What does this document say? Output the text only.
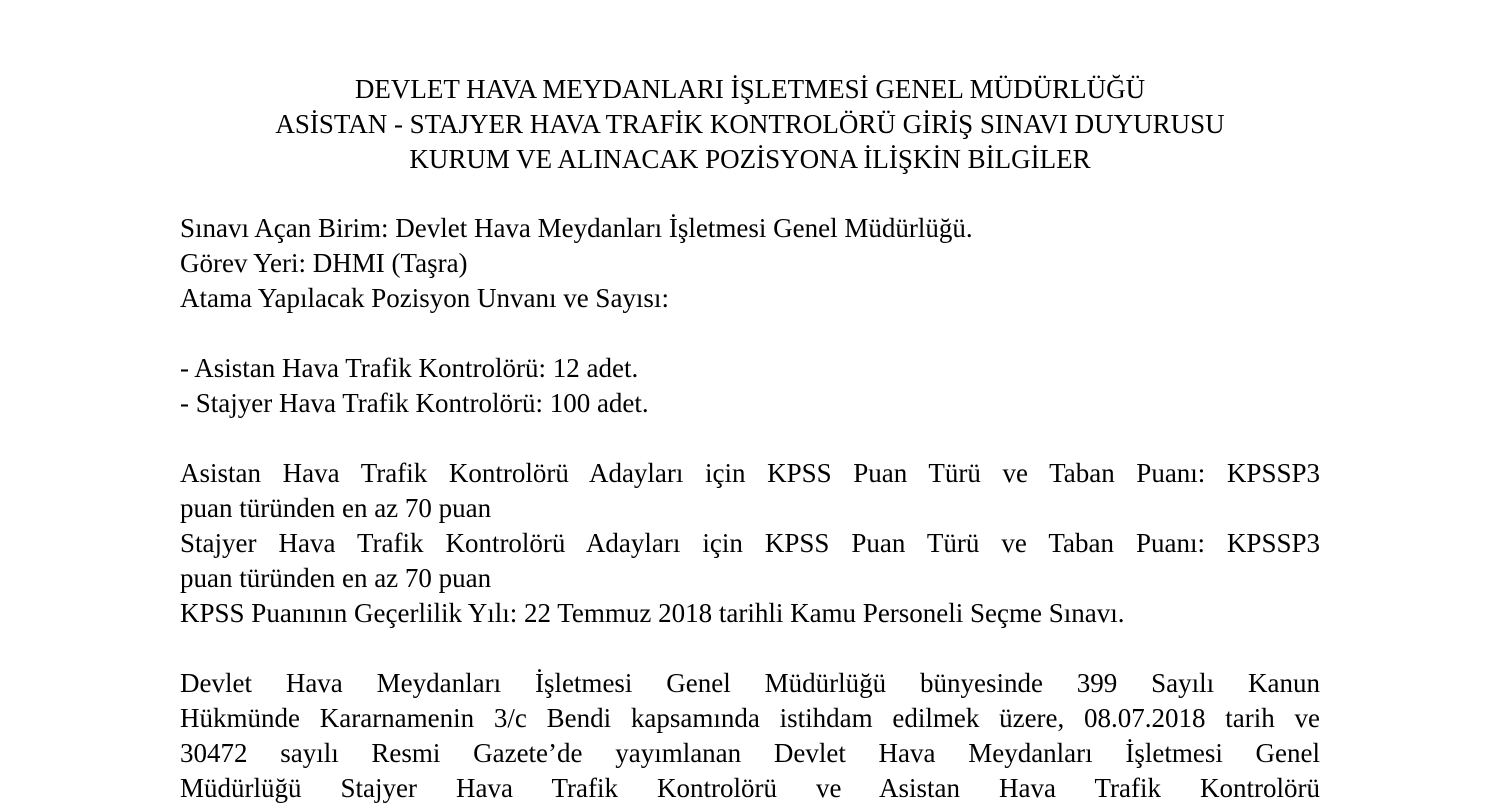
DEVLET HAVA MEYDANLARI İŞLETMESİ GENEL MÜDÜRLÜĞÜ
ASİSTAN - STAJYER HAVA TRAFİK KONTROLÖRÜ GİRİŞ SINAVI DUYURUSU
KURUM VE ALINACAK POZİSYONA İLİŞKİN BİLGİLER
Sınavı Açan Birim: Devlet Hava Meydanları İşletmesi Genel Müdürlüğü.
Görev Yeri: DHMI (Taşra)
Atama Yapılacak Pozisyon Unvanı ve Sayısı:
- Asistan Hava Trafik Kontrolörü: 12 adet.
- Stajyer Hava Trafik Kontrolörü: 100 adet.
Asistan Hava Trafik Kontrolörü Adayları için KPSS Puan Türü ve Taban Puanı: KPSSP3
puan türünden en az 70 puan
Stajyer Hava Trafik Kontrolörü Adayları için KPSS Puan Türü ve Taban Puanı: KPSSP3
puan türünden en az 70 puan
KPSS Puanının Geçerlilik Yılı: 22 Temmuz 2018 tarihli Kamu Personeli Seçme Sınavı.
Devlet Hava Meydanları İşletmesi Genel Müdürlüğü bünyesinde 399 Sayılı Kanun
Hükmünde Kararnamenin 3/c Bendi kapsamında istihdam edilmek üzere, 08.07.2018 tarih ve
30472 sayılı Resmi Gazete’de yayımlanan Devlet Hava Meydanları İşletmesi Genel
Müdürlüğü Stajyer Hava Trafik Kontrolörü ve Asistan Hava Trafik Kontrolörü
